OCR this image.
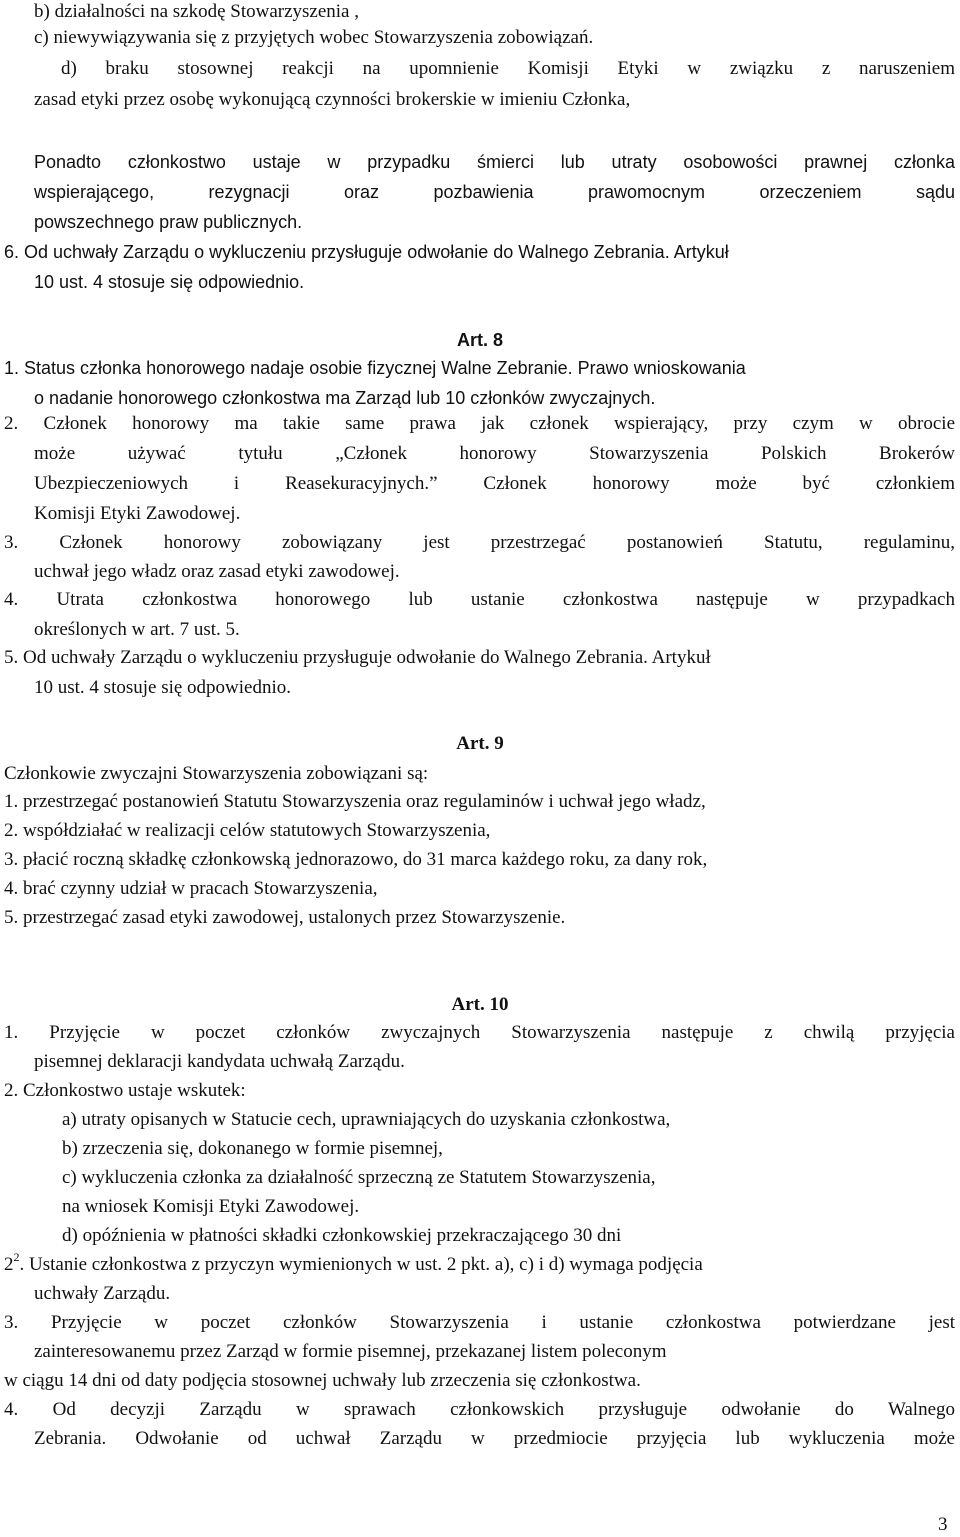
b) działalności na szkodę Stowarzyszenia ,
c) niewywiązywania się z przyjętych wobec Stowarzyszenia zobowiązań.
d) braku stosownej reakcji na upomnienie Komisji Etyki w związku z naruszeniem
zasad etyki przez osobę wykonującą czynności brokerskie w imieniu Członka,
Ponadto członkostwo ustaje w przypadku śmierci lub utraty osobowości prawnej członka
wspierającego, rezygnacji oraz pozbawienia prawomocnym orzeczeniem sądu
powszechnego praw publicznych.
6. Od uchwały Zarządu o wykluczeniu przysługuje odwołanie do Walnego Zebrania. Artykuł
10 ust. 4 stosuje się odpowiednio.
Art. 8
1. Status członka honorowego nadaje osobie fizycznej Walne Zebranie. Prawo wnioskowania
o nadanie honorowego członkostwa ma Zarząd lub 10 członków zwyczajnych.
2. Członek honorowy ma takie same prawa jak członek wspierający, przy czym w obrocie
może używać tytułu „Członek honorowy Stowarzyszenia Polskich Brokerów
Ubezpieczeniowych i Reasekuracyjnych.” Członek honorowy może być członkiem
Komisji Etyki Zawodowej.
3. Członek honorowy zobowiązany jest przestrzegać postanowień Statutu, regulaminu,
uchwał jego władz oraz zasad etyki zawodowej.
4. Utrata członkostwa honorowego lub ustanie członkostwa następuje w przypadkach
określonych w art. 7 ust. 5.
5. Od uchwały Zarządu o wykluczeniu przysługuje odwołanie do Walnego Zebrania. Artykuł
10 ust. 4 stosuje się odpowiednio.
Art. 9
Członkowie zwyczajni Stowarzyszenia zobowiązani są:
1. przestrzegać postanowień Statutu Stowarzyszenia oraz regulaminów i uchwał jego władz,
2. współdziałać w realizacji celów statutowych Stowarzyszenia,
3. płacić roczną składkę członkowską jednorazowo, do 31 marca każdego roku, za dany rok,
4. brać czynny udział w pracach Stowarzyszenia,
5. przestrzegać zasad etyki zawodowej, ustalonych przez Stowarzyszenie.
Art. 10
1. Przyjęcie w poczet członków zwyczajnych Stowarzyszenia następuje z chwilą przyjęcia
pisemnej deklaracji kandydata uchwałą Zarządu.
2. Członkostwo ustaje wskutek:
a) utraty opisanych w Statucie cech, uprawniających do uzyskania członkostwa,
b) zrzeczenia się, dokonanego w formie pisemnej,
c) wykluczenia członka za działalność sprzeczną ze Statutem Stowarzyszenia,
na wniosek Komisji Etyki Zawodowej.
d) opóźnienia w płatności składki członkowskiej przekraczającego 30 dni
$2^2$. Ustanie członkostwa z przyczyn wymienionych w ust. 2 pkt. a), c) i d) wymaga podjęcia
uchwały Zarządu.
3. Przyjęcie w poczet członków Stowarzyszenia i ustanie członkostwa potwierdzane jest
zainteresowanemu przez Zarząd w formie pisemnej, przekazanej listem poleconym
w ciągu 14 dni od daty podjęcia stosownej uchwały lub zrzeczenia się członkostwa.
4. Od decyzji Zarządu w sprawach członkowskich przysługuje odwołanie do Walnego
Zebrania. Odwołanie od uchwał Zarządu w przedmiocie przyjęcia lub wykluczenia może
3
